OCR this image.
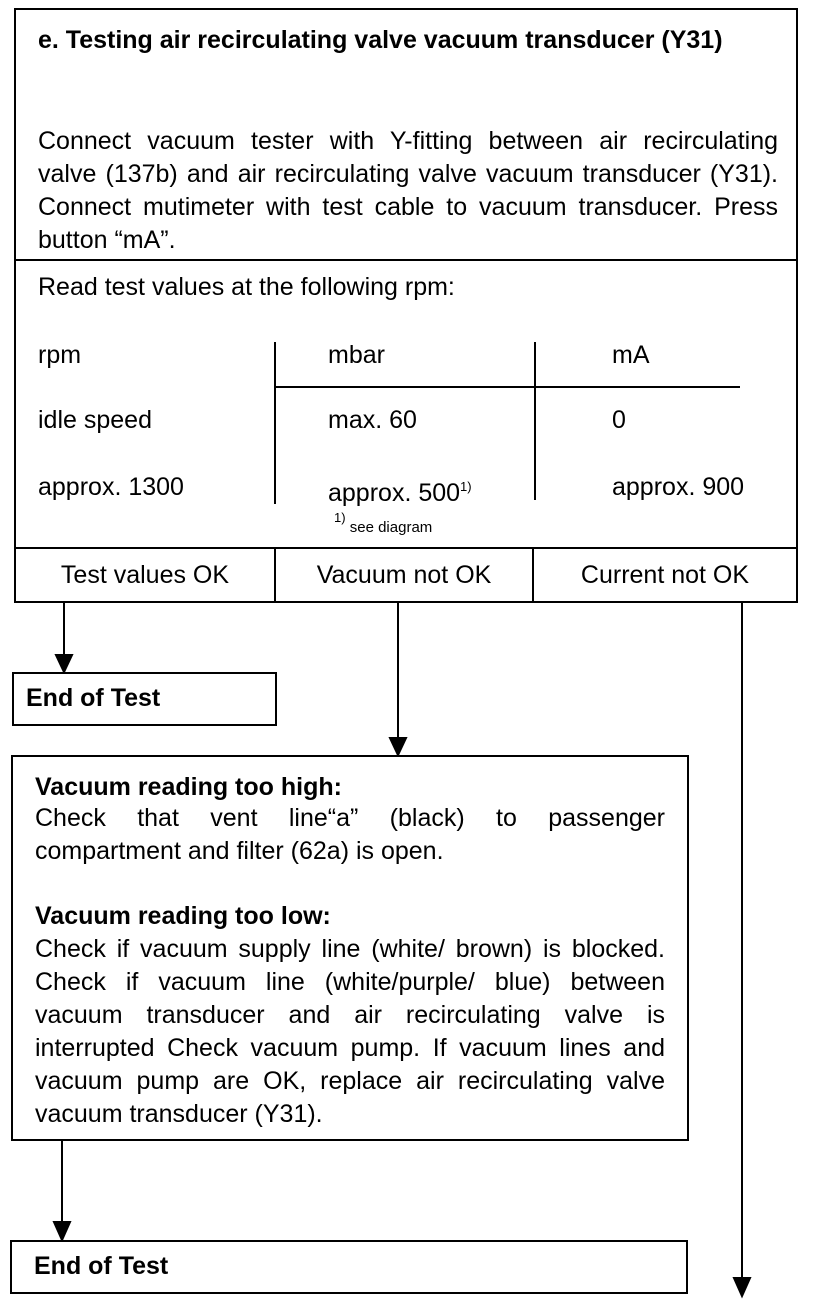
e. Testing air recirculating valve vacuum transducer (Y31)
Connect vacuum tester with Y-fitting between air recirculating valve (137b) and air recirculating valve vacuum transducer (Y31). Connect mutimeter with test cable to vacuum transducer. Press button “mA”.
Read test values at the following rpm:
rpm	mbar	mA
idle speed	max. 60	0
approx. 1300	approx. 500$^{1)}$	approx. 900
$^{1)}$ see diagram
Test values OK	Vacuum not OK	Current not OK
End of Test
Vacuum reading too high:
Check that vent line“a” (black) to passenger compartment and filter (62a) is open.
Vacuum reading too low:
Check if vacuum supply line (white/ brown) is blocked. Check if vacuum line (white/purple/ blue) between vacuum transducer and air recirculating valve is interrupted Check vacuum pump. If vacuum lines and vacuum pump are OK, replace air recirculating valve vacuum transducer (Y31).
End of Test
